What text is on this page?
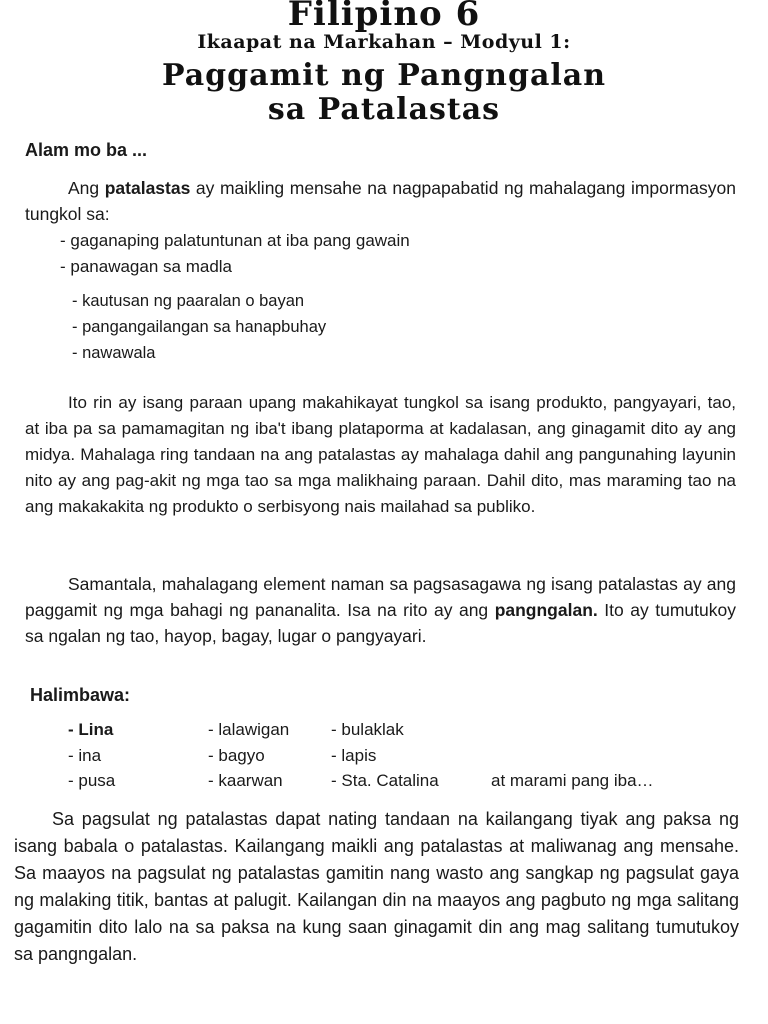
Filipino 6
Ikaapat na Markahan – Modyul 1:
Paggamit ng Pangngalan
sa Patalastas
Alam mo ba ...
Ang patalastas ay maikling mensahe na nagpapabatid ng mahalagang impormasyon tungkol sa:
- gaganaping palatuntunan at iba pang gawain
- panawagan sa madla
- kautusan ng paaralan o bayan
- pangangailangan sa hanapbuhay
- nawawala
Ito rin ay isang paraan upang makahikayat tungkol sa isang produkto, pangyayari, tao, at iba pa sa pamamagitan ng iba't ibang plataporma at kadalasan, ang ginagamit dito ay ang midya. Mahalaga ring tandaan na ang patalastas ay mahalaga dahil ang pangunahing layunin nito ay ang pag-akit ng mga tao sa mga malikhaing paraan. Dahil dito, mas maraming tao na ang makakakita ng produkto o serbisyong nais mailahad sa publiko.
Samantala, mahalagang element naman sa pagsasagawa ng isang patalastas ay ang paggamit ng mga bahagi ng pananalita. Isa na rito ay ang pangngalan. Ito ay tumutukoy sa ngalan ng tao, hayop, bagay, lugar o pangyayari.
Halimbawa:
- Lina
- ina
- pusa
- lalawigan
- bagyo
- kaarwan
- bulaklak
- lapis
- Sta. Catalina	at marami pang iba…
Sa pagsulat ng patalastas dapat nating tandaan na kailangang tiyak ang paksa ng isang babala o patalastas. Kailangang maikli ang patalastas at maliwanag ang mensahe. Sa maayos na pagsulat ng patalastas gamitin nang wasto ang sangkap ng pagsulat gaya ng malaking titik, bantas at palugit. Kailangan din na maayos ang pagbuto ng mga salitang gagamitin dito lalo na sa paksa na kung saan ginagamit din ang mag salitang tumutukoy sa pangngalan.
